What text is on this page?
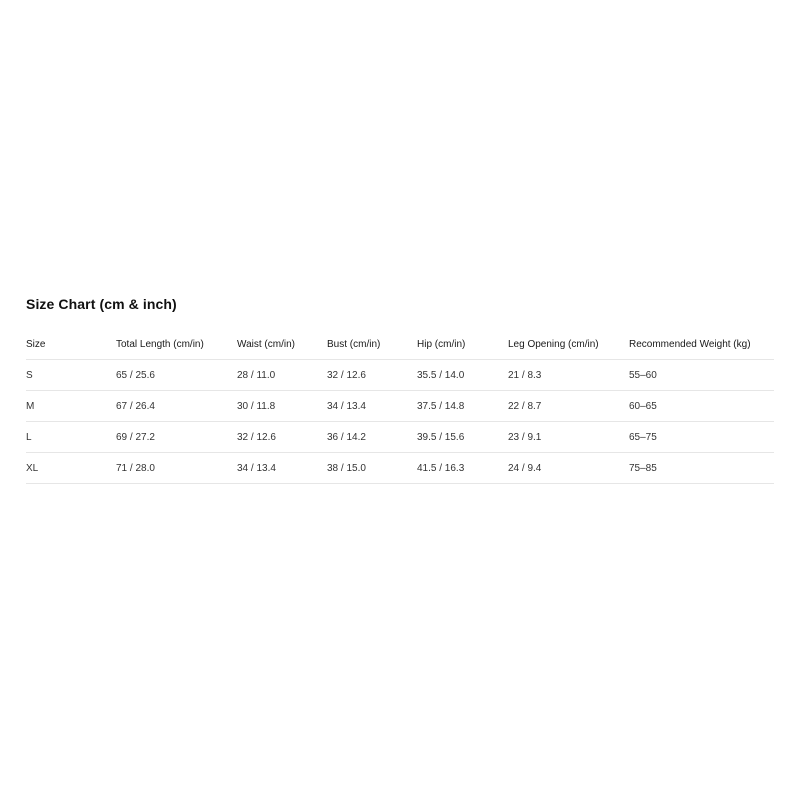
Size Chart (cm & inch)
Size	Total Length (cm/in)	Waist (cm/in)	Bust (cm/in)	Hip (cm/in)	Leg Opening (cm/in)	Recommended Weight (kg)
S	65 / 25.6	28 / 11.0	32 / 12.6	35.5 / 14.0	21 / 8.3	55–60
M	67 / 26.4	30 / 11.8	34 / 13.4	37.5 / 14.8	22 / 8.7	60–65
L	69 / 27.2	32 / 12.6	36 / 14.2	39.5 / 15.6	23 / 9.1	65–75
XL	71 / 28.0	34 / 13.4	38 / 15.0	41.5 / 16.3	24 / 9.4	75–85
